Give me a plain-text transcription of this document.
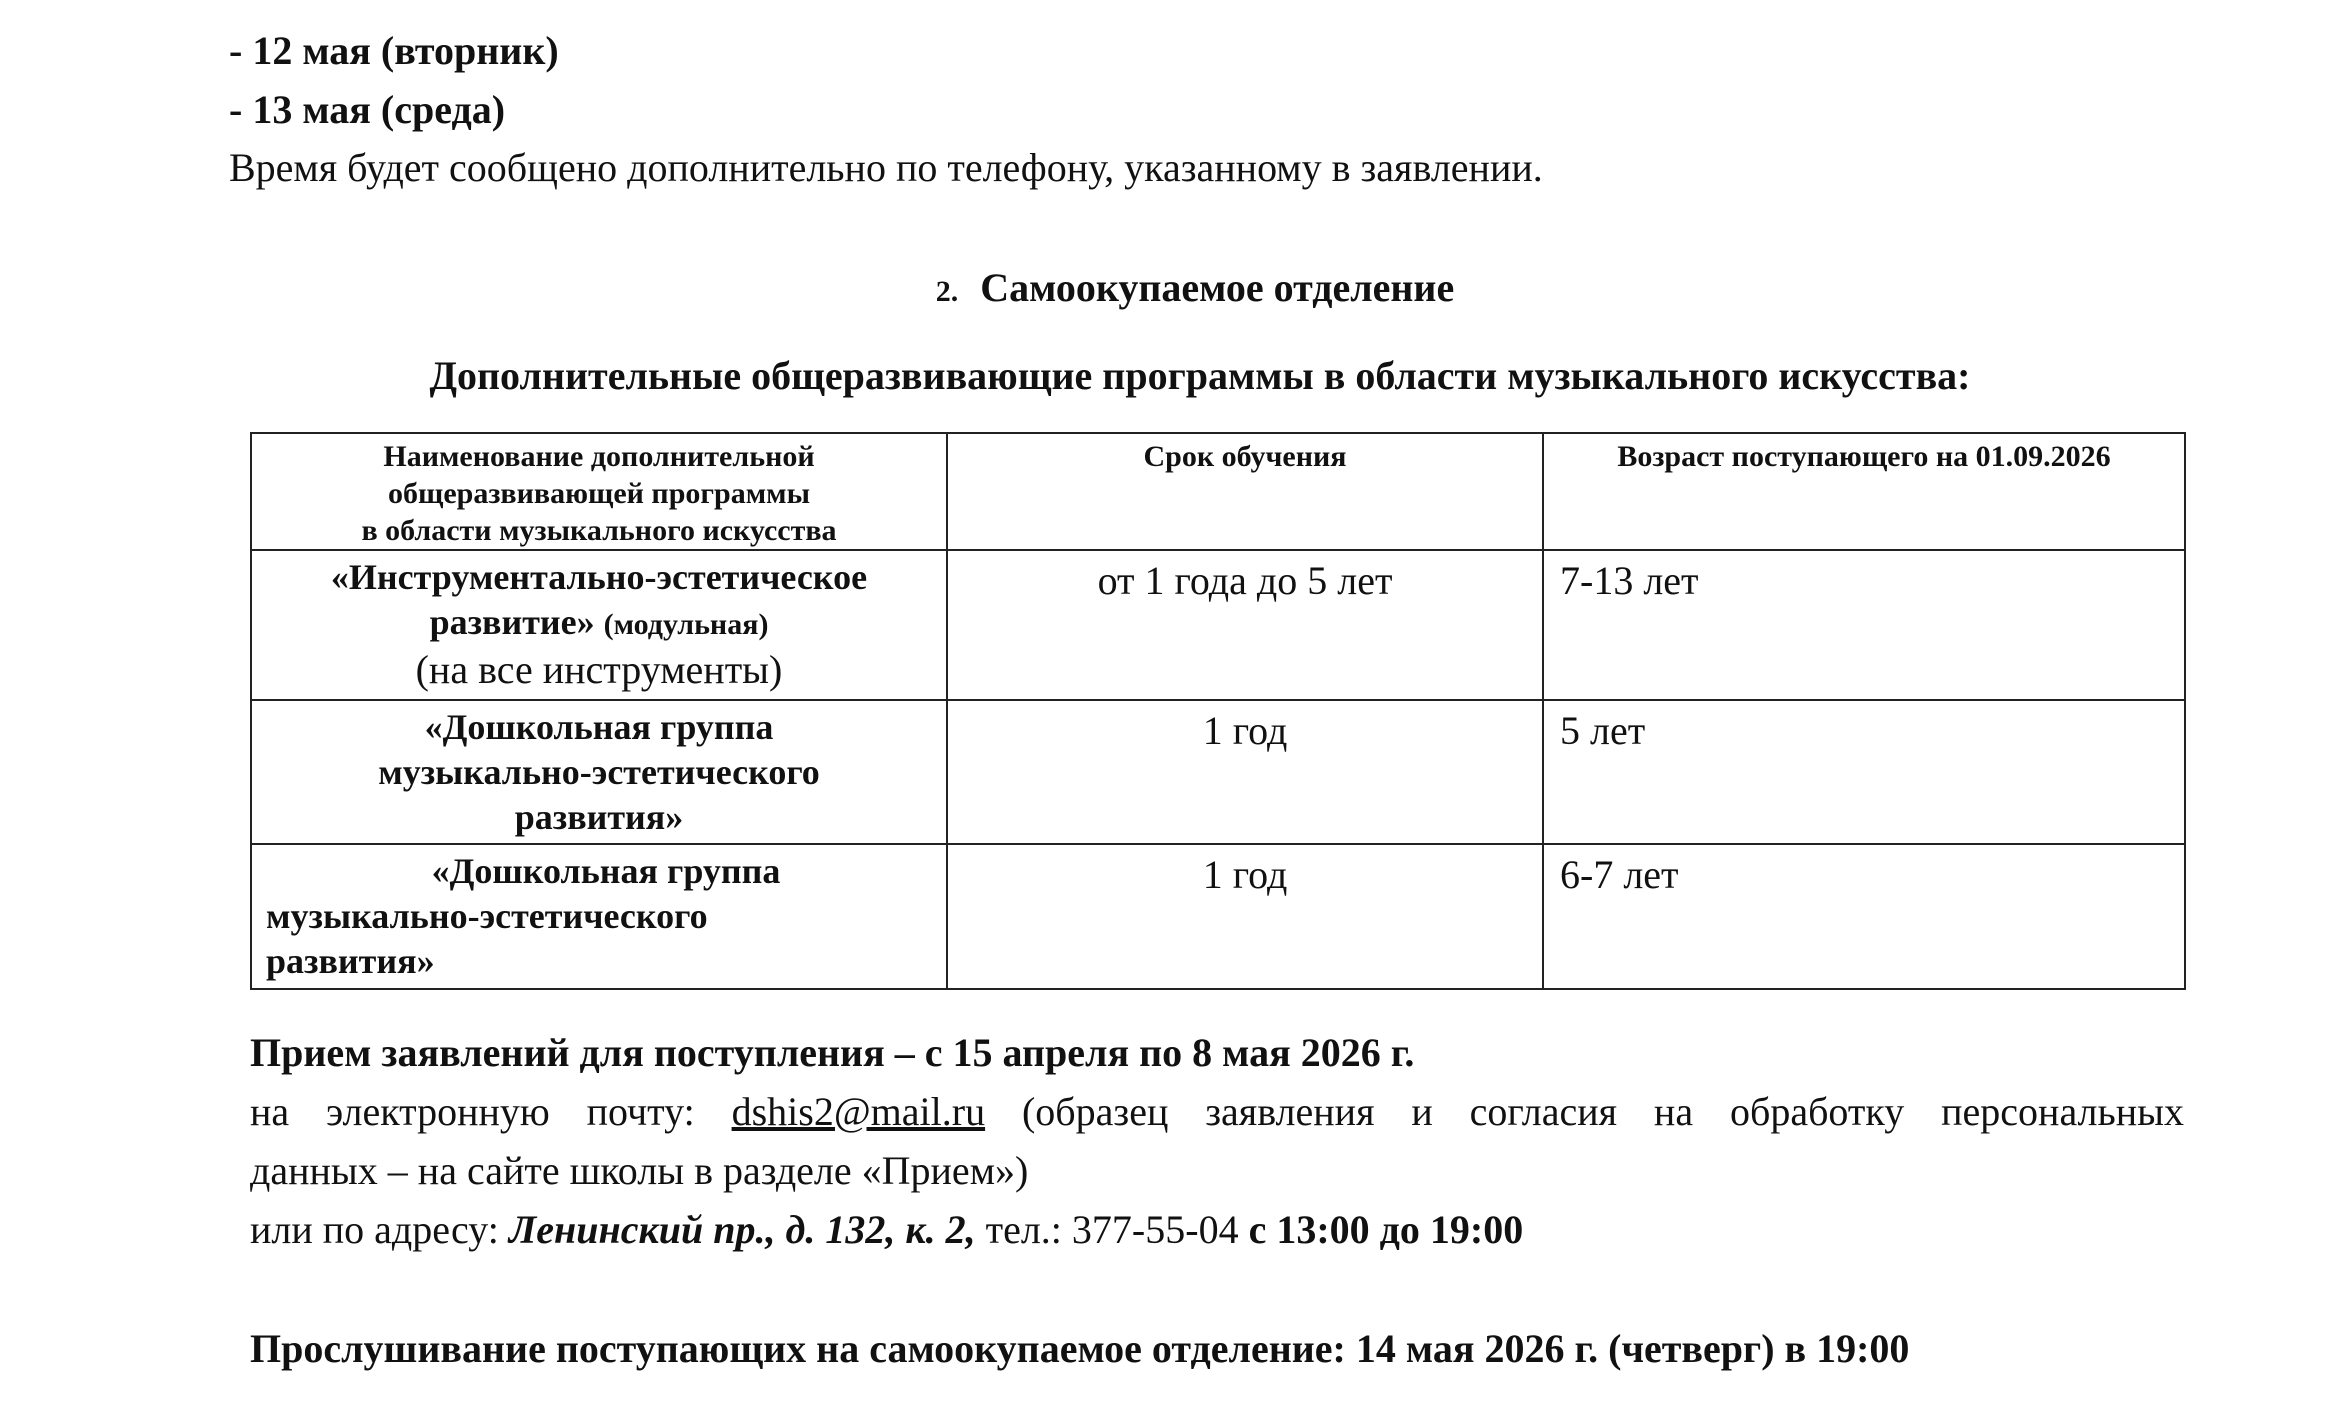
- 12 мая (вторник)
- 13 мая (среда)
Время будет сообщено дополнительно по телефону, указанному в заявлении.
2. Самоокупаемое отделение
Дополнительные общеразвивающие программы в области музыкального искусства:
Наименование дополнительной
общеразвивающей программы
в области музыкального искусства	Срок обучения	Возраст поступающего на 01.09.2026
«Инструментально-эстетическое
развитие» (модульная)
(на все инструменты)	от 1 года до 5 лет	7-13 лет
«Дошкольная группа
музыкально-эстетического
развития»	1 год	5 лет

«Дошкольная группа
музыкально-эстетического
развития»	1 год	6-7 лет
Прием заявлений для поступления – с 15 апреля по 8 мая 2026 г.
на электронную почту: dshis2@mail.ru (образец заявления и согласия на обработку персональных
данных – на сайте школы в разделе «Прием»)
или по адресу: Ленинский пр., д. 132, к. 2, тел.: 377-55-04 с 13:00 до 19:00
Прослушивание поступающих на самоокупаемое отделение: 14 мая 2026 г. (четверг) в 19:00
